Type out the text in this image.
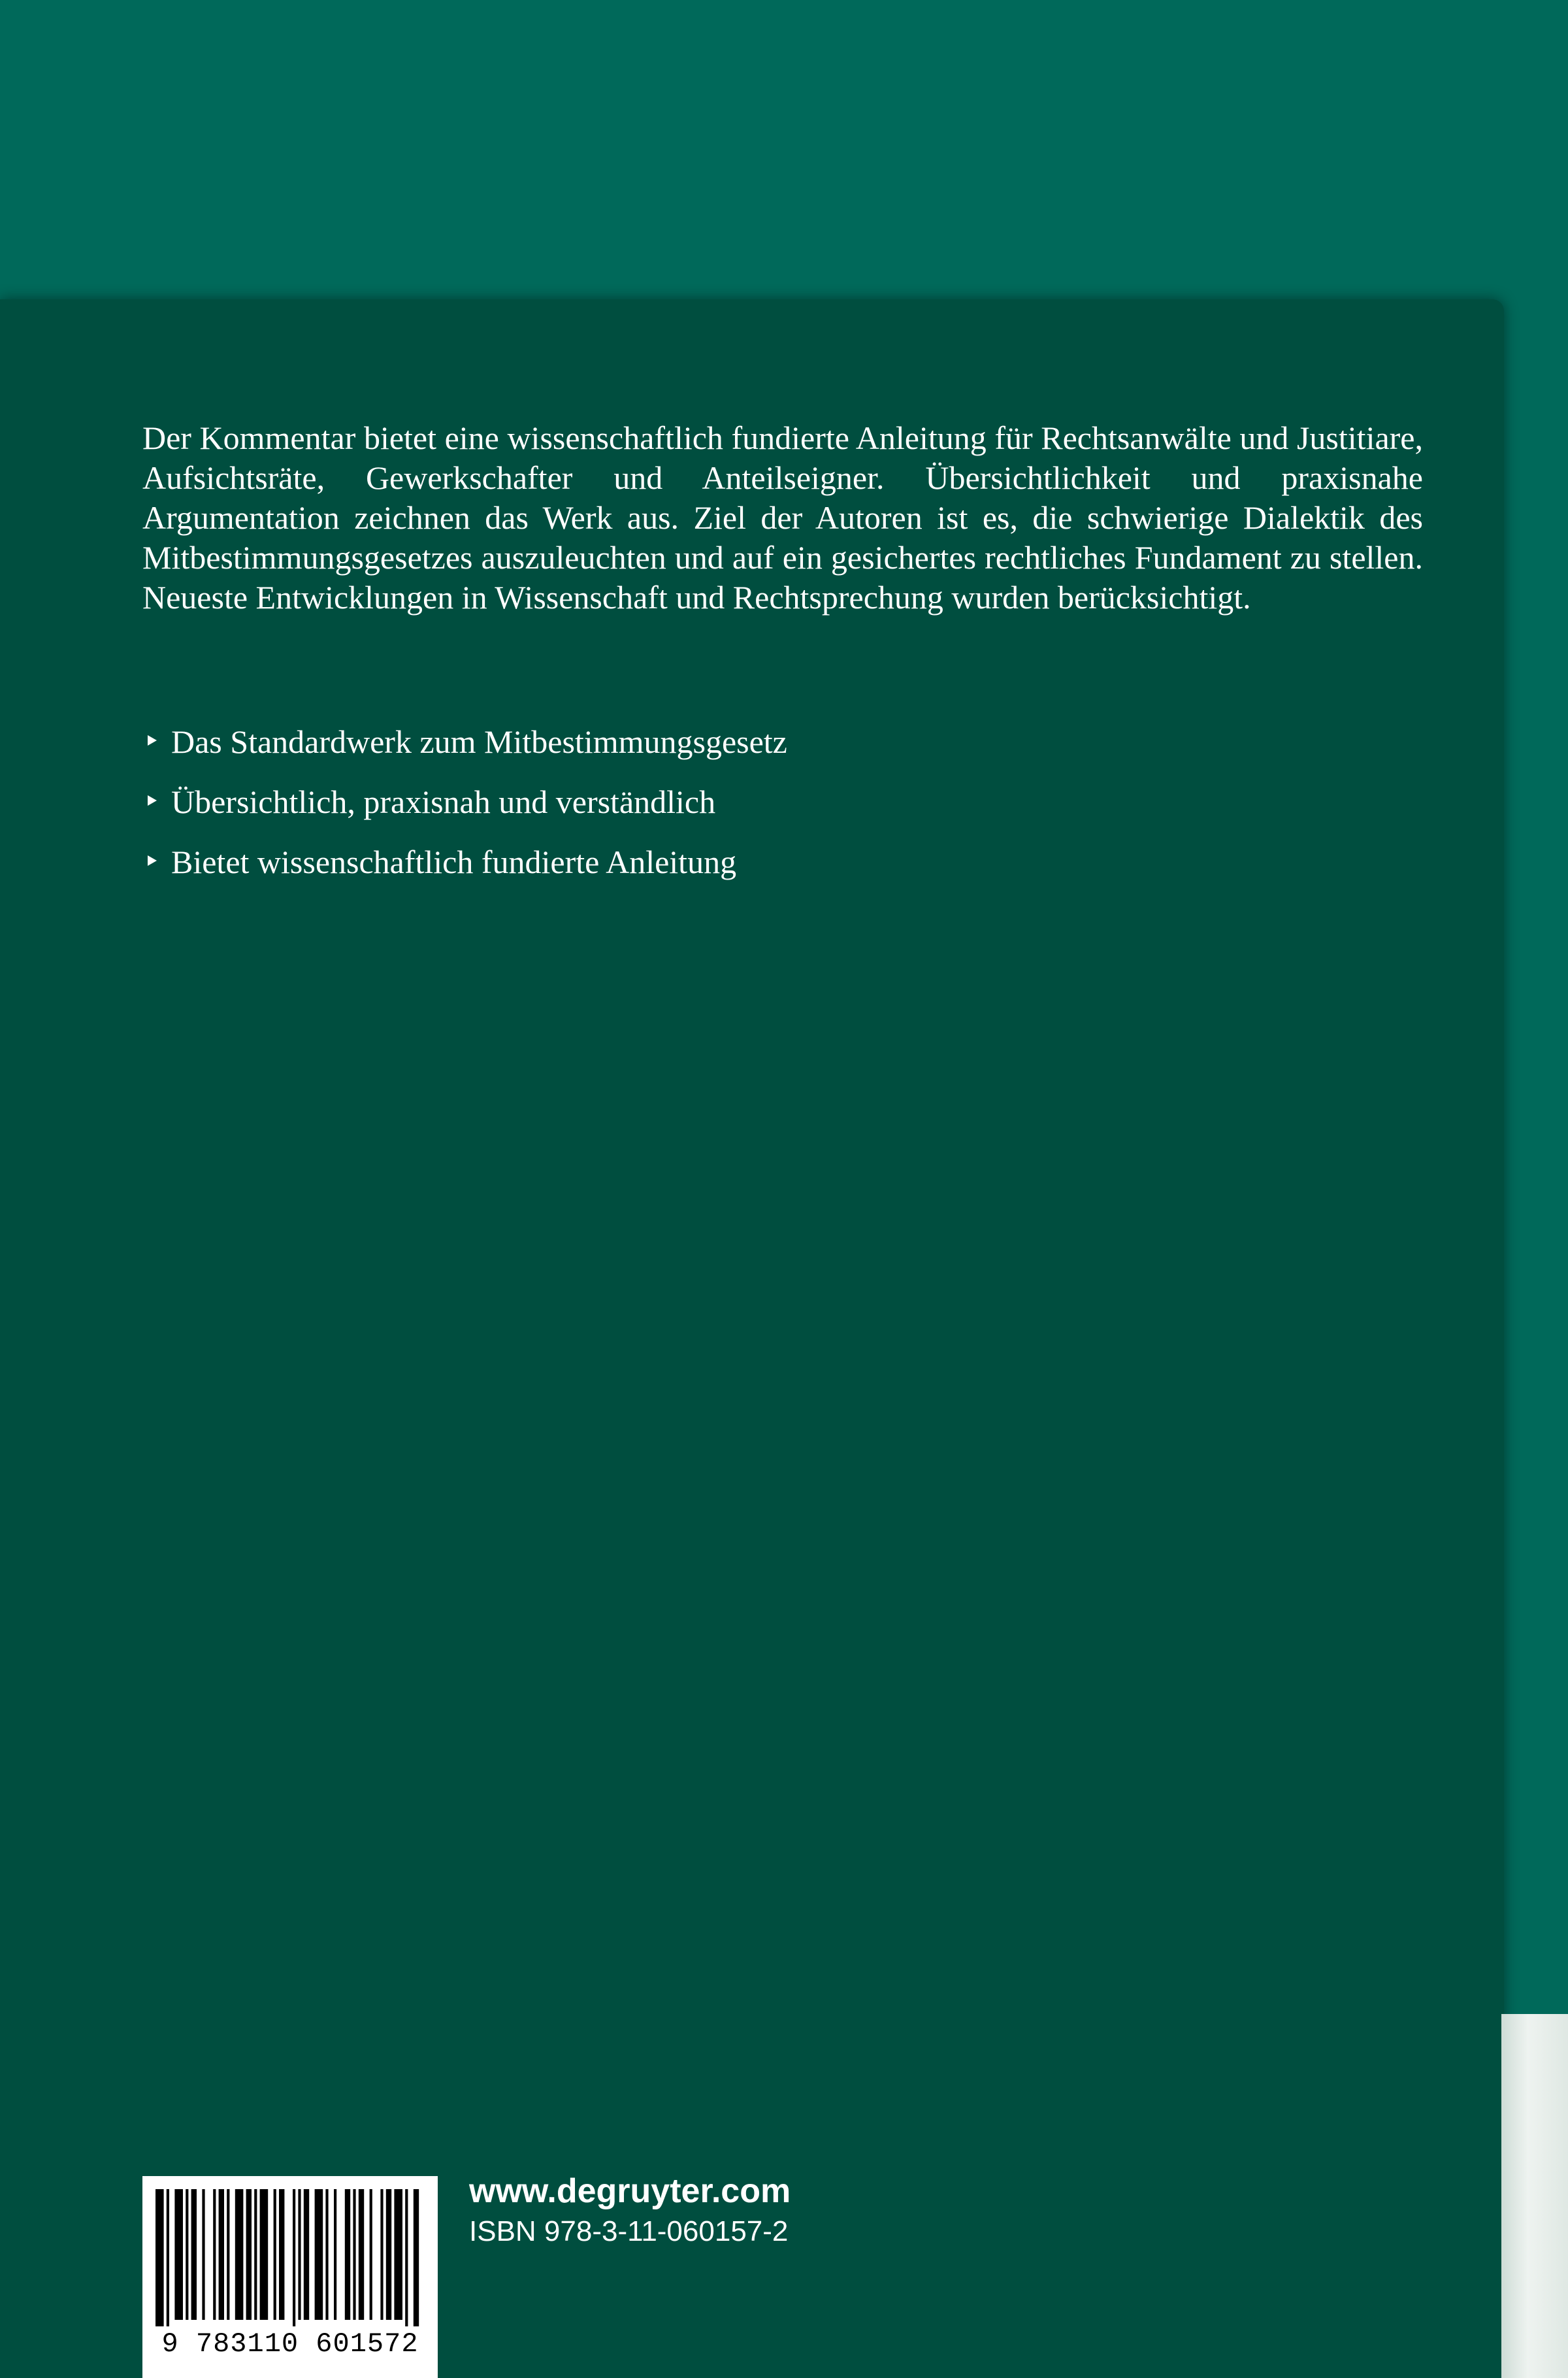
Der Kommentar bietet eine wissenschaftlich fundierte Anleitung für Rechtsanwälte und Justitiare, Aufsichtsräte, Gewerkschafter und Anteilseigner. Übersichtlichkeit und praxisnahe Argumentation zeichnen das Werk aus. Ziel der Autoren ist es, die schwierige Dialektik des Mitbestimmungsgesetzes auszuleuchten und auf ein gesichertes rechtliches Fundament zu stellen. Neueste Entwicklungen in Wissenschaft und Rechtsprechung wurden berücksichtigt.

Das Standardwerk zum Mitbestimmungsgesetz
Übersichtlich, praxisnah und verständlich
Bietet wissenschaftlich fundierte Anleitung
9 783110 601572
www.degruyter.com
ISBN 978-3-11-060157-2
